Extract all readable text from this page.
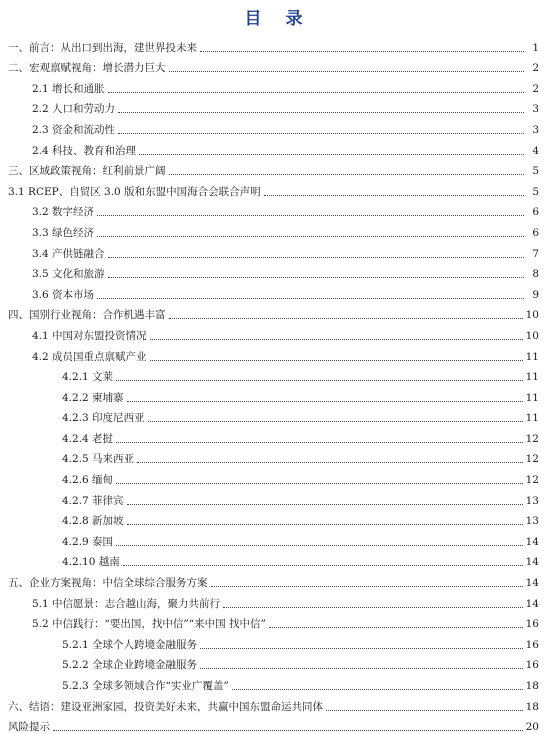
目 录
一、前言：从出口到出海，建世界投未来	1
二、宏观禀赋视角：增长潜力巨大	2
2.1 增长和通胀	2
2.2 人口和劳动力	3
2.3 资金和流动性	3
2.4 科技、教育和治理	4
三、区域政策视角：红利前景广阔	5
3.1 RCEP、自贸区 3.0 版和东盟中国海合会联合声明	5
3.2 数字经济	6
3.3 绿色经济	6
3.4 产供链融合	7
3.5 文化和旅游	8
3.6 资本市场	9
四、国别行业视角：合作机遇丰富	10
4.1 中国对东盟投资情况	10
4.2 成员国重点禀赋产业	11
4.2.1 文莱	11
4.2.2 柬埔寨	11
4.2.3 印度尼西亚	11
4.2.4 老挝	12
4.2.5 马来西亚	12
4.2.6 缅甸	12
4.2.7 菲律宾	13
4.2.8 新加坡	13
4.2.9 泰国	14
4.2.10 越南	14
五、企业方案视角：中信全球综合服务方案	14
5.1 中信愿景：志合越山海，聚力共前行	14
5.2 中信践行：“要出国，找中信”“来中国 找中信”	16
5.2.1 全球个人跨境金融服务	16
5.2.2 全球企业跨境金融服务	16
5.2.3 全球多领域合作“实业广覆盖”	18
六、结语：建设亚洲家园，投资美好未来，共赢中国东盟命运共同体	18
风险提示	20
